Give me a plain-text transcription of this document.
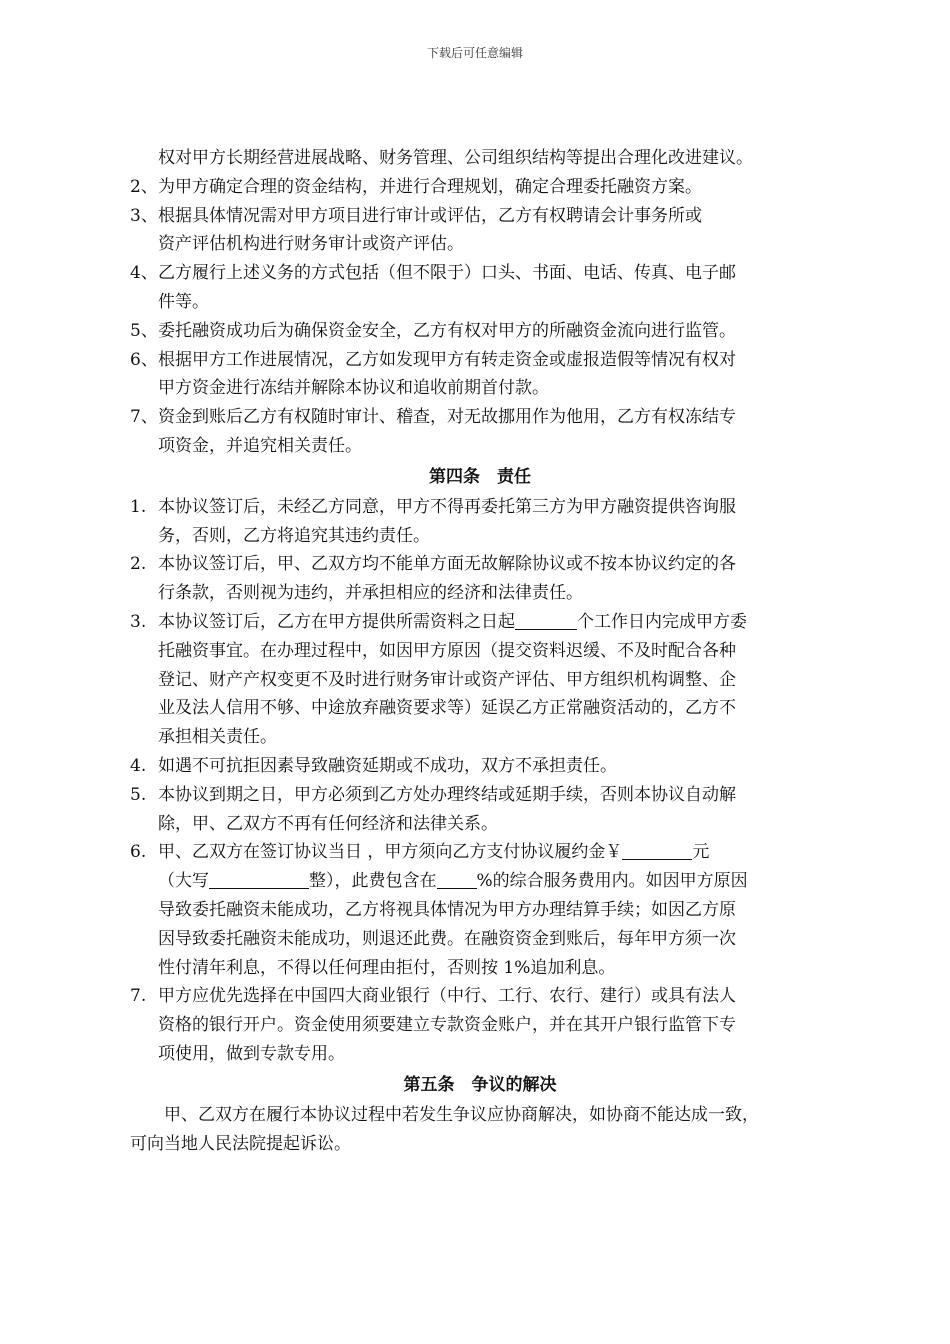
下载后可任意编辑
权对甲方长期经营进展战略、财务管理、公司组织结构等提出合理化改进建议。
2、 为甲方确定合理的资金结构，并进行合理规划，确定合理委托融资方案。
3、 根据具体情况需对甲方项目进行审计或评估，乙方有权聘请会计事务所或
资产评估机构进行财务审计或资产评估。
4、 乙方履行上述义务的方式包括（但不限于）口头、书面、电话、传真、电子邮
件等。
5、 委托融资成功后为确保资金安全，乙方有权对甲方的所融资金流向进行监管。
6、 根据甲方工作进展情况，乙方如发现甲方有转走资金或虚报造假等情况有权对
甲方资金进行冻结并解除本协议和追收前期首付款。
7、 资金到账后乙方有权随时审计、稽查，对无故挪用作为他用，乙方有权冻结专
项资金，并追究相关责任。
第四条　责任
1. 本协议签订后，未经乙方同意，甲方不得再委托第三方为甲方融资提供咨询服
务，否则，乙方将追究其违约责任。
2. 本协议签订后，甲、乙双方均不能单方面无故解除协议或不按本协议约定的各
行条款，否则视为违约，并承担相应的经济和法律责任。
3. 本协议签订后，乙方在甲方提供所需资料之日起	个工作日内完成甲方委
托融资事宜。在办理过程中，如因甲方原因（提交资料迟缓、不及时配合各种
登记、财产产权变更不及时进行财务审计或资产评估、甲方组织机构调整、企
业及法人信用不够、中途放弃融资要求等）延误乙方正常融资活动的，乙方不
承担相关责任。
4. 如遇不可抗拒因素导致融资延期或不成功，双方不承担责任。
5. 本协议到期之日，甲方必须到乙方处办理终结或延期手续，否则本协议自动解
除，甲、乙双方不再有任何经济和法律关系。
6. 甲、乙双方在签订协议当日 ，甲方须向乙方支付协议履约金￥	元
（大写	整），此费包含在 %的综合服务费用内。如因甲方原因
导致委托融资未能成功，乙方将视具体情况为甲方办理结算手续；如因乙方原
因导致委托融资未能成功，则退还此费。在融资资金到账后，每年甲方须一次
性付清年利息，不得以任何理由拒付，否则按 1%追加利息。
7. 甲方应优先选择在中国四大商业银行（中行、工行、农行、建行）或具有法人
资格的银行开户。资金使用须要建立专款资金账户，并在其开户银行监管下专
项使用，做到专款专用。
第五条　争议的解决
甲、乙双方在履行本协议过程中若发生争议应协商解决，如协商不能达成一致，
可向当地人民法院提起诉讼。
